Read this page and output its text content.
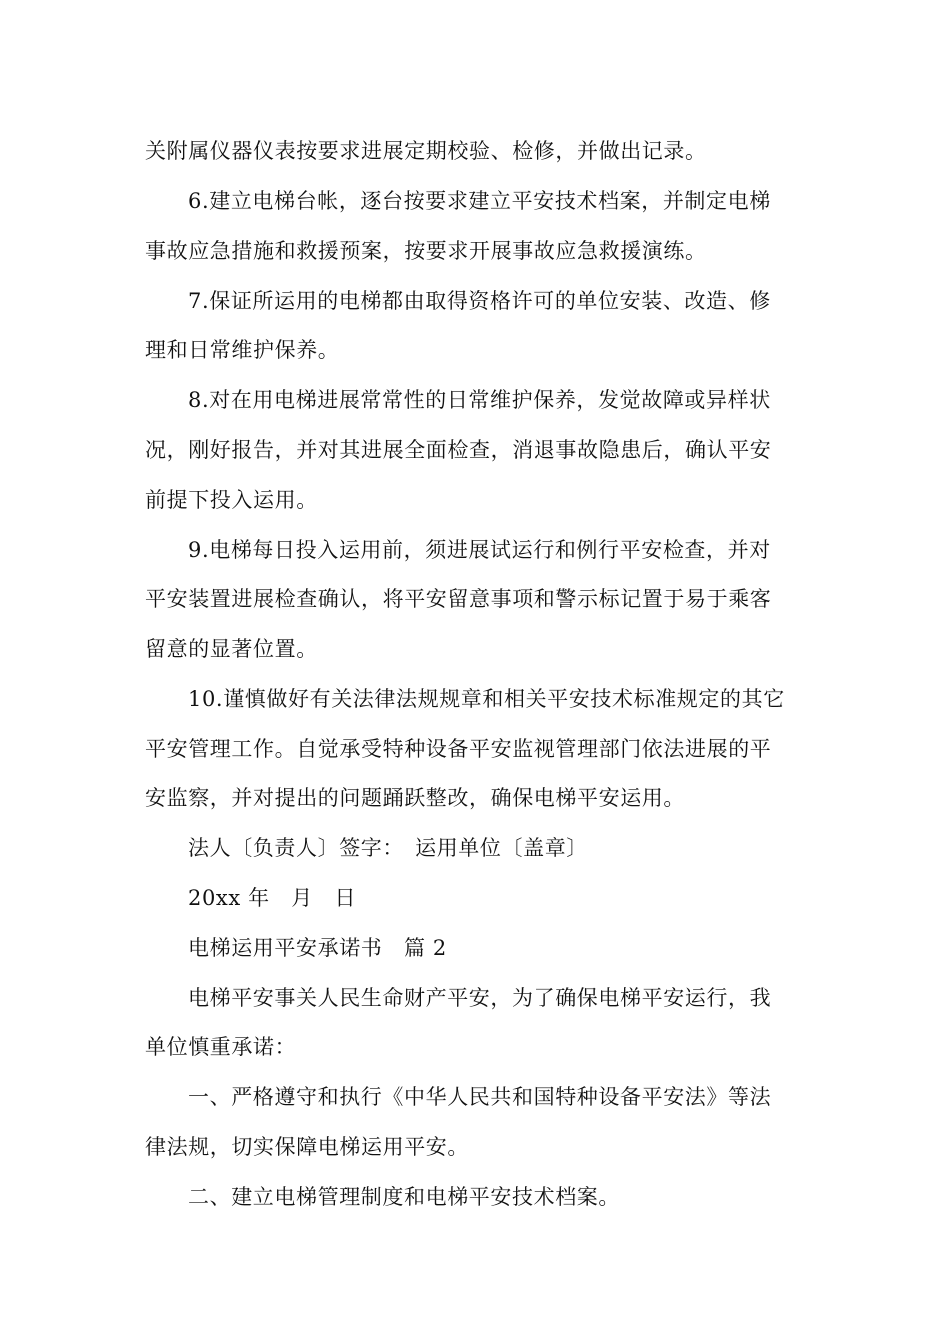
关附属仪器仪表按要求进展定期校验、检修，并做出记录。
6.建立电梯台帐，逐台按要求建立平安技术档案，并制定电梯
事故应急措施和救援预案，按要求开展事故应急救援演练。
7.保证所运用的电梯都由取得资格许可的单位安装、改造、修
理和日常维护保养。
8.对在用电梯进展常常性的日常维护保养，发觉故障或异样状
况，刚好报告，并对其进展全面检查，消退事故隐患后，确认平安
前提下投入运用。
9.电梯每日投入运用前，须进展试运行和例行平安检查，并对
平安装置进展检查确认，将平安留意事项和警示标记置于易于乘客
留意的显著位置。
10.谨慎做好有关法律法规规章和相关平安技术标准规定的其它
平安管理工作。自觉承受特种设备平安监视管理部门依法进展的平
安监察，并对提出的问题踊跃整改，确保电梯平安运用。
法人〔负责人〕签字：　运用单位〔盖章〕
20xx 年　月　日
电梯运用平安承诺书　篇 2
电梯平安事关人民生命财产平安，为了确保电梯平安运行，我
单位慎重承诺：
一、严格遵守和执行《中华人民共和国特种设备平安法》等法
律法规，切实保障电梯运用平安。
二、建立电梯管理制度和电梯平安技术档案。
